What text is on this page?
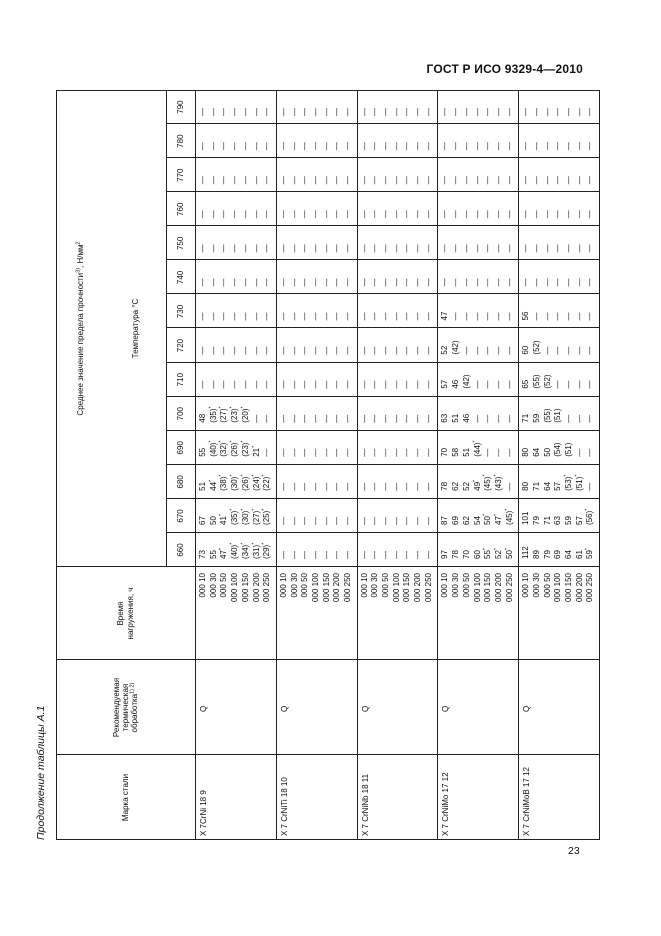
ГОСТ Р ИСО 9329-4—2010
Продолжение таблицы А.1	Марка стали
Рекомендуемая термическая обработка$^{1) 2)}$
Время нагружения, ч
Среднее значение предела прочности$^{3)}$, $Н/мм^2$
Температура °С
660
670
680
690
700
710
720
730
740
750
760
770
780
790
X 7CrNi 18 9
Q
10 000
30 000
50 000
100 000
150 000
200 000
250 000
73
55
47*
(40)*
(34)*
(31)*
(29)*
67
50
41*
(35)*
(30)*
(27)*
(25)*
51
44*
(38)*
(30)*
(26)*
(24)*
(22)*
55
(40)*
(32)*
(26)*
(23)*
21*
—
48
(35)*
(27)*
(23)*
(20)*
—
—
—
—
—
—
—
—
—
—
—
—
—
—
—
—
—
—
—
—
—
—
—
—
—
—
—
—
—
—
—
—
—
—
—
—
—
—
—
—
—
—
—
—
—
—
—
—
—
—
—
—
—
—
—
—
—
—
—
—
—
—
—
—
—
X 7 CrNiTi 18 10
Q
10 000
30 000
50 000
100 000
150 000
200 000
250 000
—
—
—
—
—
—
—
—
—
—
—
—
—
—
—
—
—
—
—
—
—
—
—
—
—
—
—
—
—
—
—
—
—
—
—
—
—
—
—
—
—
—
—
—
—
—
—
—
—
—
—
—
—
—
—
—
—
—
—
—
—
—
—
—
—
—
—
—
—
—
—
—
—
—
—
—
—
—
—
—
—
—
—
—
—
—
—
—
—
—
—
—
—
—
—
—
—
—
X 7 CrNiNb 18 11
Q
10 000
30 000
50 000
100 000
150 000
200 000
250 000
—
—
—
—
—
—
—
—
—
—
—
—
—
—
—
—
—
—
—
—
—
—
—
—
—
—
—
—
—
—
—
—
—
—
—
—
—
—
—
—
—
—
—
—
—
—
—
—
—
—
—
—
—
—
—
—
—
—
—
—
—
—
—
—
—
—
—
—
—
—
—
—
—
—
—
—
—
—
—
—
—
—
—
—
—
—
—
—
—
—
—
—
—
—
—
—
—
—
X 7 CrNiMo 17 12
Q
10 000
30 000
50 000
100 000
150 000
200 000
250 000
97
78
70
60
55*
52*
50*
87
69
62
54
50*
47*
(45)*
78
62
52
49*
(45)*
(43)*
—
70
58
51
(44)*
—
—
—
63
51
46
—
—
—
—
57
46
(42)
—
—
—
—
52
(42)
—
—
—
—
—
47
—
—
—
—
—
—
—
—
—
—
—
—
—
—
—
—
—
—
—
—
—
—
—
—
—
—
—
—
—
—
—
—
—
—
—
—
—
—
—
—
—
—
—
—
—
—
—
—
X 7 CrNiMoB 17 12
Q
10 000
30 000
50 000
100 000
150 000
200 000
250 000
112
89
79
69
64
61
59*
101
79
71
63
59
57
(56)*
80
71
64
57
(53)*
(51)*
—
80
64
50
(54)
(51)
—
—
71
59
(55)
(51)
—
—
—
65
(55)
(52)
—
—
—
—
60
(52)
—
—
—
—
—
56
—
—
—
—
—
—
—
—
—
—
—
—
—
—
—
—
—
—
—
—
—
—
—
—
—
—
—
—
—
—
—
—
—
—
—
—
—
—
—
—
—
—
—
—
—
—
—
—
23
